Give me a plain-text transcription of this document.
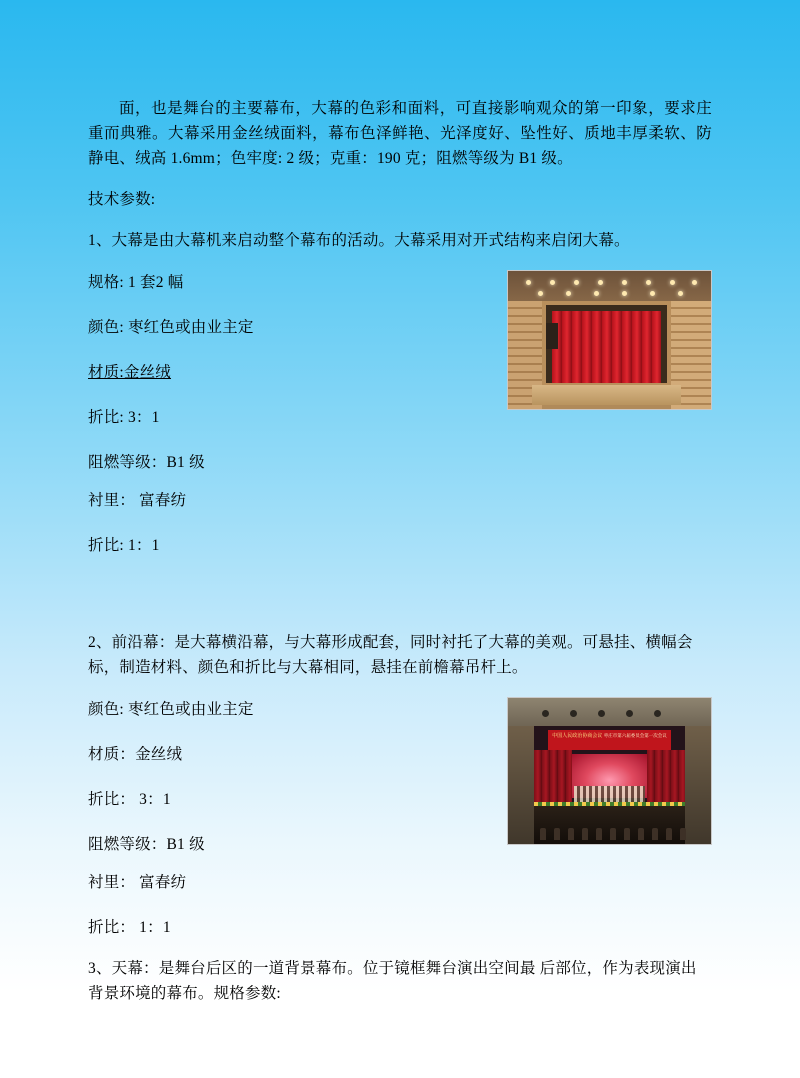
面，也是舞台的主要幕布，大幕的色彩和面料，可直接影响观众的第一印象，要求庄重而典雅。大幕采用金丝绒面料，幕布色泽鲜艳、光泽度好、坠性好、质地丰厚柔软、防静电、绒高 1.6mm；色牢度: 2 级；克重：190 克；阻燃等级为 B1 级。

技术参数:

1、大幕是由大幕机来启动整个幕布的活动。大幕采用对开式结构来启闭大幕。

规格: 1 套2 幅

颜色: 枣红色或由业主定

材质:金丝绒

折比: 3：1

阻燃等级：B1 级

衬里： 富春纺

折比: 1：1

2、前沿幕：是大幕横沿幕，与大幕形成配套，同时衬托了大幕的美观。可悬挂、横幅会标，制造材料、颜色和折比与大幕相同，悬挂在前檐幕吊杆上。

中国人民政治协商会议 枣庄市第六届委员会第一次会议

颜色: 枣红色或由业主定

材质：金丝绒

折比： 3：1

阻燃等级：B1 级

衬里： 富春纺

折比： 1：1

3、天幕：是舞台后区的一道背景幕布。位于镜框舞台演出空间最 后部位，作为表现演出背景环境的幕布。规格参数:
